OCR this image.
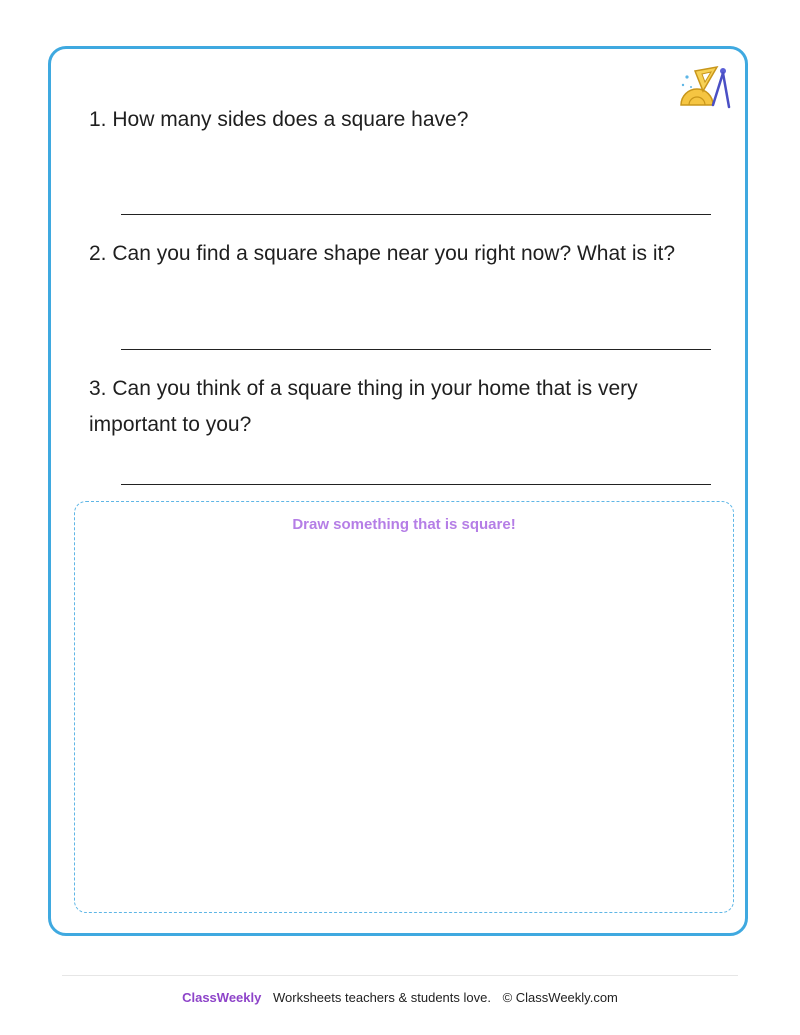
1. How many sides does a square have?
2. Can you find a square shape near you right now? What is it?
3. Can you think of a square thing in your home that is very important to you?
Draw something that is square!
ClassWeekly Worksheets teachers & students love. © ClassWeekly.com
